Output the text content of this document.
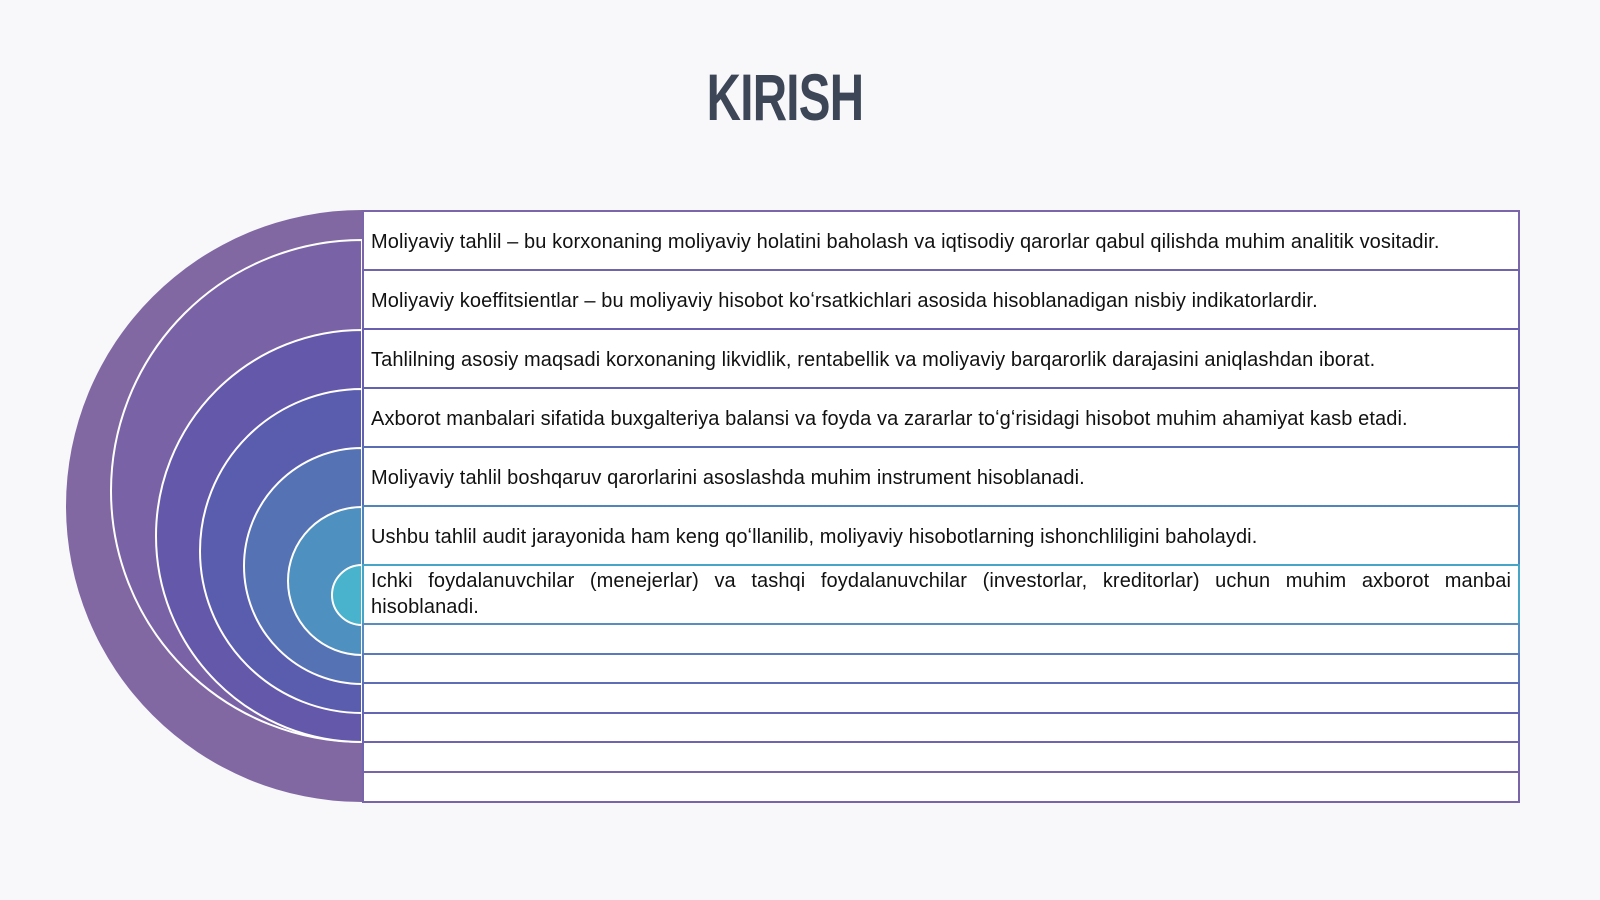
KIRISH
Moliyaviy tahlil – bu korxonaning moliyaviy holatini baholash va iqtisodiy qarorlar qabul qilishda muhim analitik vositadir.
Moliyaviy koeffitsientlar – bu moliyaviy hisobot koʻrsatkichlari asosida hisoblanadigan nisbiy indikatorlardir.
Tahlilning asosiy maqsadi korxonaning likvidlik, rentabellik va moliyaviy barqarorlik darajasini aniqlashdan iborat.
Axborot manbalari sifatida buxgalteriya balansi va foyda va zararlar toʻgʻrisidagi hisobot muhim ahamiyat kasb etadi.
Moliyaviy tahlil boshqaruv qarorlarini asoslashda muhim instrument hisoblanadi.
Ushbu tahlil audit jarayonida ham keng qoʻllanilib, moliyaviy hisobotlarning ishonchliligini baholaydi.
Ichki foydalanuvchilar (menejerlar) va tashqi foydalanuvchilar (investorlar, kreditorlar) uchun muhim axborot manbai hisoblanadi.
